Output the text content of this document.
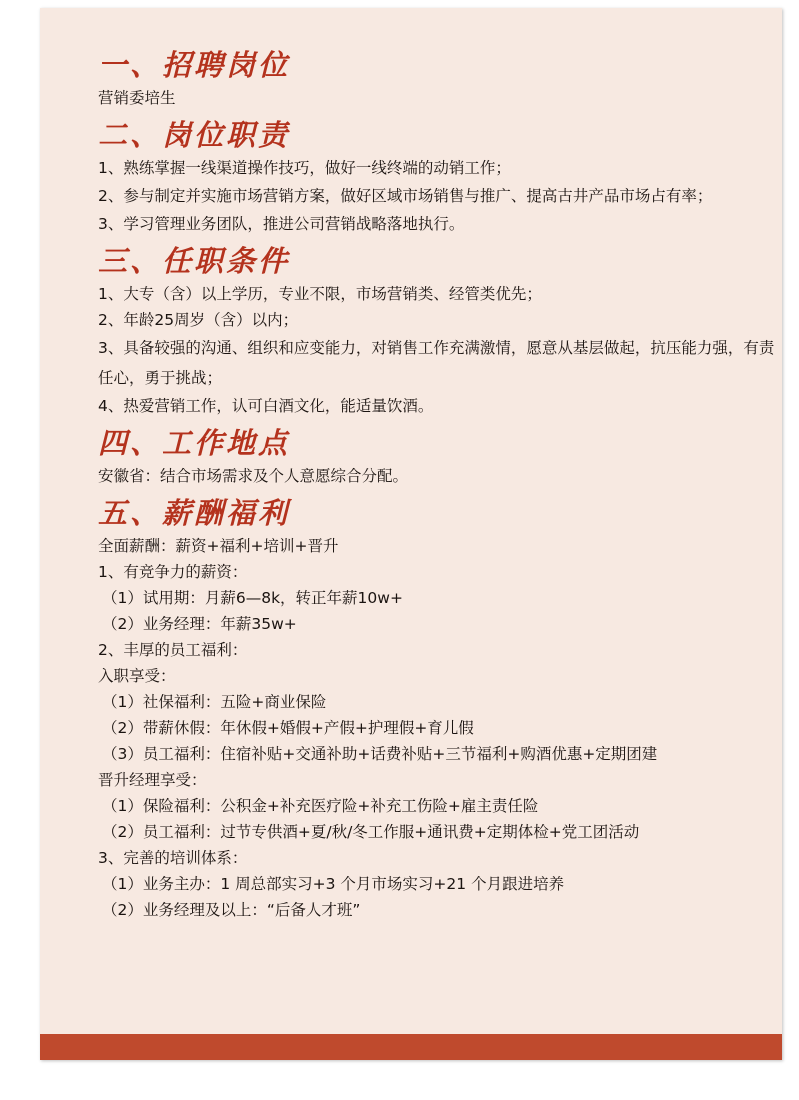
一、招聘岗位

营销委培生

二、岗位职责

1、熟练掌握一线渠道操作技巧，做好一线终端的动销工作；

2、参与制定并实施市场营销方案，做好区域市场销售与推广、提高古井产品市场占有率；

3、学习管理业务团队，推进公司营销战略落地执行。

三、任职条件

1、大专（含）以上学历，专业不限，市场营销类、经管类优先；

2、年龄25周岁（含）以内；

3、具备较强的沟通、组织和应变能力，对销售工作充满激情，愿意从基层做起，抗压能力强，有责任心，勇于挑战；

4、热爱营销工作，认可白酒文化，能适量饮酒。

四、工作地点

安徽省：结合市场需求及个人意愿综合分配。

五、薪酬福利

全面薪酬：薪资+福利+培训+晋升

1、有竞争力的薪资：

（1）试用期：月薪6—8k，转正年薪10w+

（2）业务经理：年薪35w+

2、丰厚的员工福利：

入职享受：

（1）社保福利：五险+商业保险

（2）带薪休假：年休假+婚假+产假+护理假+育儿假

（3）员工福利：住宿补贴+交通补助+话费补贴+三节福利+购酒优惠+定期团建

晋升经理享受：

（1）保险福利：公积金+补充医疗险+补充工伤险+雇主责任险

（2）员工福利：过节专供酒+夏/秋/冬工作服+通讯费+定期体检+党工团活动

3、完善的培训体系：

（1）业务主办：1 周总部实习+3 个月市场实习+21 个月跟进培养

（2）业务经理及以上：“后备人才班”
